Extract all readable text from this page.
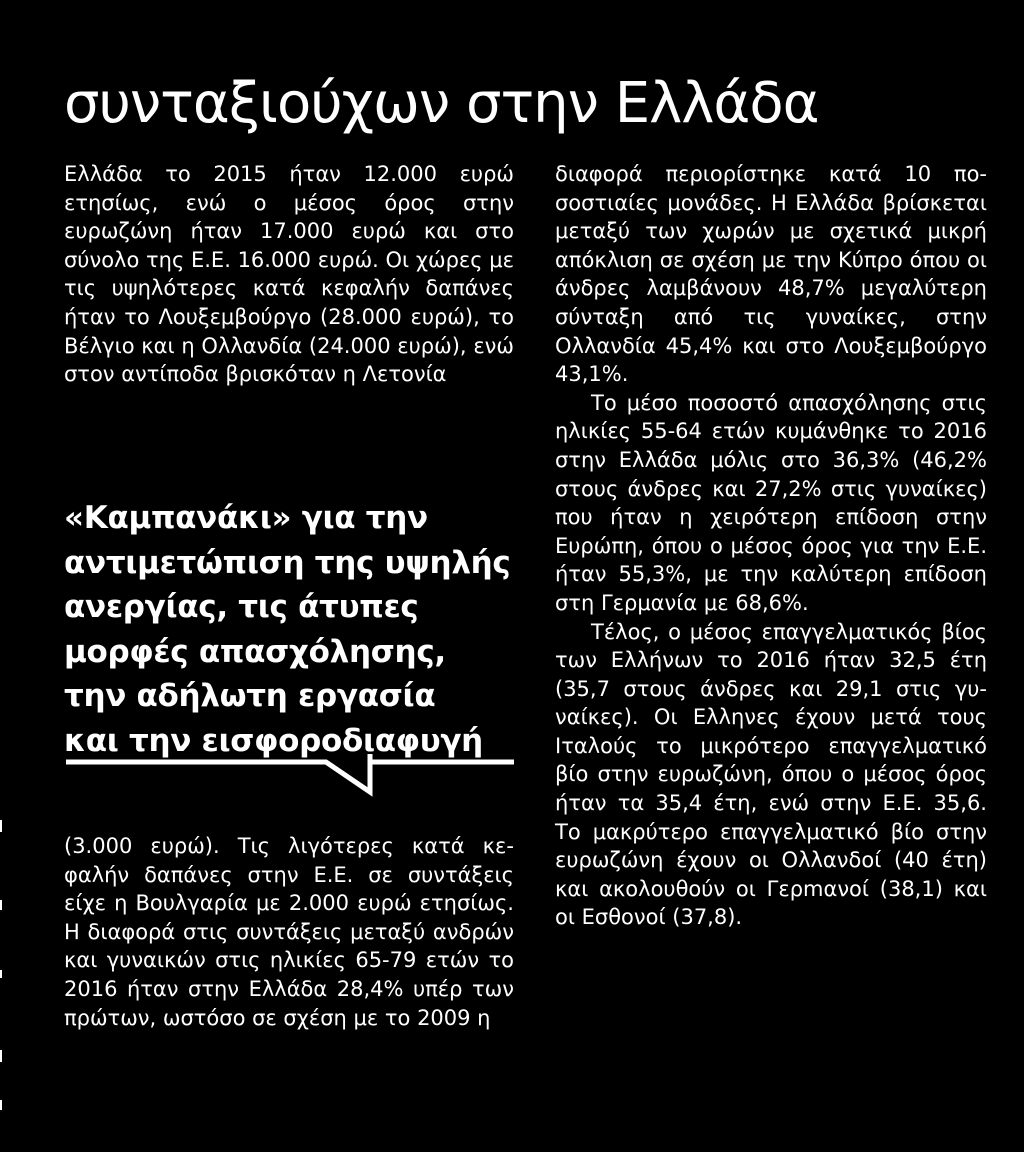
συνταξιούχων στην Ελλάδα

Ελλάδα το 2015 ήταν 12.000 ευρώ ετησίως, ενώ ο μέσος όρος στην ευρωζώνη ήταν 17.000 ευρώ και στο σύνολο της Ε.Ε. 16.000 ευρώ. Οι χώρες με τις υψηλότερες κατά κεφαλήν δαπάνες ήταν το Λουξεμβούργο (28.000 ευρώ), το Βέλγιο και η Ολλανδία (24.000 ευρώ), ενώ στον αντίποδα βρισκόταν η Λετονία

«Καμπανάκι» για την
αντιμετώπιση της υψηλής
ανεργίας, τις άτυπες
μορφές απασχόλησης,
την αδήλωτη εργασία
και την εισφοροδιαφυγή

(3.000 ευρώ). Τις λιγότερες κατά κεφαλήν δαπάνες στην Ε.Ε. σε συντάξεις είχε η Βουλγαρία με 2.000 ευρώ ετησίως. Η διαφορά στις συντάξεις μεταξύ ανδρών και γυναικών στις ηλικίες 65-79 ετών το 2016 ήταν στην Ελλάδα 28,4% υπέρ των πρώτων, ωστόσο σε σχέση με το 2009 η

διαφορά περιορίστηκε κατά 10 ποσοστιαίες μονάδες. Η Ελλάδα βρίσκεται μεταξύ των χωρών με σχετικά μικρή απόκλιση σε σχέση με την Κύπρο όπου οι άνδρες λαμβάνουν 48,7% μεγαλύτερη σύνταξη από τις γυναίκες, στην Ολλανδία 45,4% και στο Λουξεμβούργο 43,1%.

Το μέσο ποσοστό απασχόλησης στις ηλικίες 55-64 ετών κυμάνθηκε το 2016 στην Ελλάδα μόλις στο 36,3% (46,2% στους άνδρες και 27,2% στις γυναίκες) που ήταν η χειρότερη επίδοση στην Ευρώπη, όπου ο μέσος όρος για την Ε.Ε. ήταν 55,3%, με την καλύτερη επίδοση στη Γερμανία με 68,6%.

Τέλος, ο μέσος επαγγελματικός βίος των Ελλήνων το 2016 ήταν 32,5 έτη (35,7 στους άνδρες και 29,1 στις γυναίκες). Οι Ελληνες έχουν μετά τους Ιταλούς το μικρότερο επαγγελματικό βίο στην ευρωζώνη, όπου ο μέσος όρος ήταν τα 35,4 έτη, ενώ στην Ε.Ε. 35,6. Το μακρύτερο επαγγελματικό βίο στην ευρωζώνη έχουν οι Ολλανδοί (40 έτη) και ακολουθούν οι Γερmανοί (38,1) και οι Εσθονοί (37,8).
